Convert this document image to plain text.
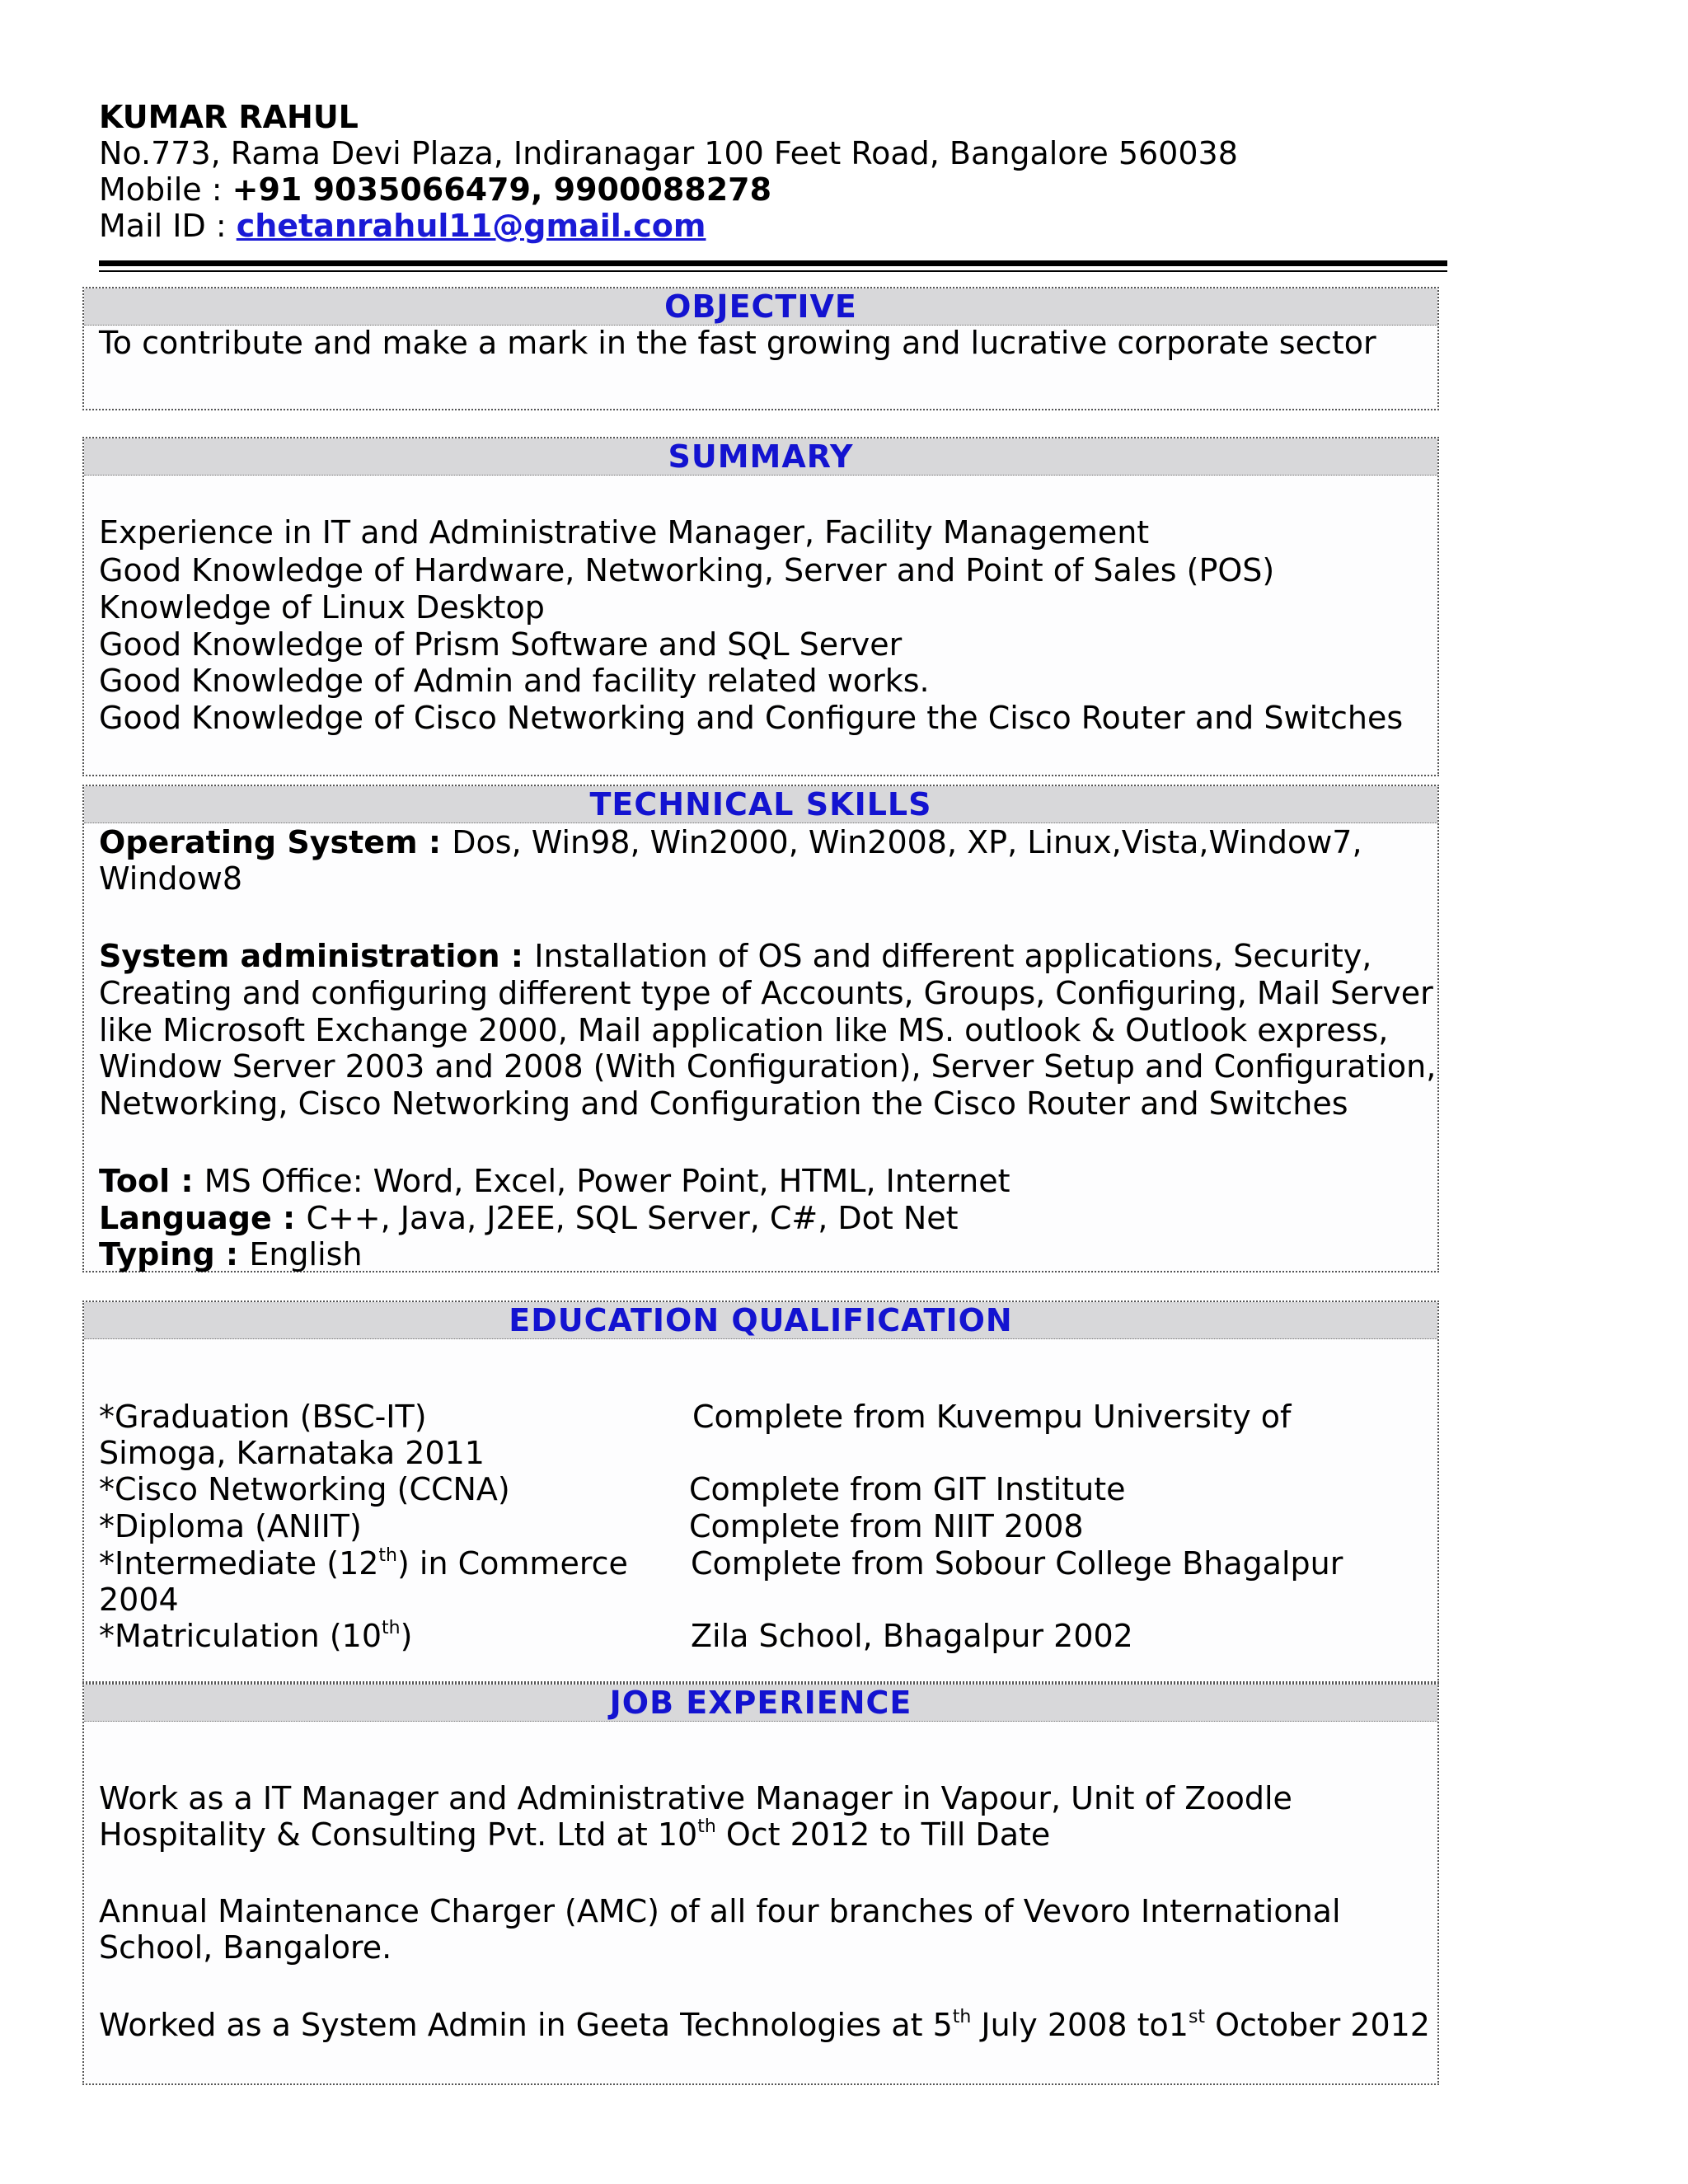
KUMAR RAHUL
No.773, Rama Devi Plaza, Indiranagar 100 Feet Road, Bangalore 560038
Mobile : +91 9035066479, 9900088278
Mail ID : chetanrahul11@gmail.com
OBJECTIVE
To contribute and make a mark in the fast growing and lucrative corporate sector
SUMMARY
Experience in IT and Administrative Manager, Facility Management
Good Knowledge of Hardware, Networking, Server and Point of Sales (POS)
Knowledge of Linux Desktop
Good Knowledge of Prism Software and SQL Server
Good Knowledge of Admin and facility related works.
Good Knowledge of Cisco Networking and Configure the Cisco Router and Switches
TECHNICAL SKILLS
Operating System : Dos, Win98, Win2000, Win2008, XP, Linux,Vista,Window7,
Window8
System administration : Installation of OS and different applications, Security,
Creating and configuring different type of Accounts, Groups, Configuring, Mail Server
like Microsoft Exchange 2000, Mail application like MS. outlook & Outlook express,
Window Server 2003 and 2008 (With Configuration), Server Setup and Configuration,
Networking, Cisco Networking and Configuration the Cisco Router and Switches
Tool : MS Office: Word, Excel, Power Point, HTML, Internet
Language : C++, Java, J2EE, SQL Server, C#, Dot Net
Typing : English
EDUCATION QUALIFICATION
*Graduation (BSC-IT)	Complete from Kuvempu University of
Simoga, Karnataka 2011
*Cisco Networking (CCNA)	Complete from GIT Institute
*Diploma (ANIIT)	Complete from NIIT 2008
*Intermediate (12th) in Commerce Complete from Sobour College Bhagalpur
2004
*Matriculation (10th)	Zila School, Bhagalpur 2002
JOB EXPERIENCE
Work as a IT Manager and Administrative Manager in Vapour, Unit of Zoodle
Hospitality & Consulting Pvt. Ltd at 10th Oct 2012 to Till Date
Annual Maintenance Charger (AMC) of all four branches of Vevoro International
School, Bangalore.
Worked as a System Admin in Geeta Technologies at 5th July 2008 to1st October 2012
